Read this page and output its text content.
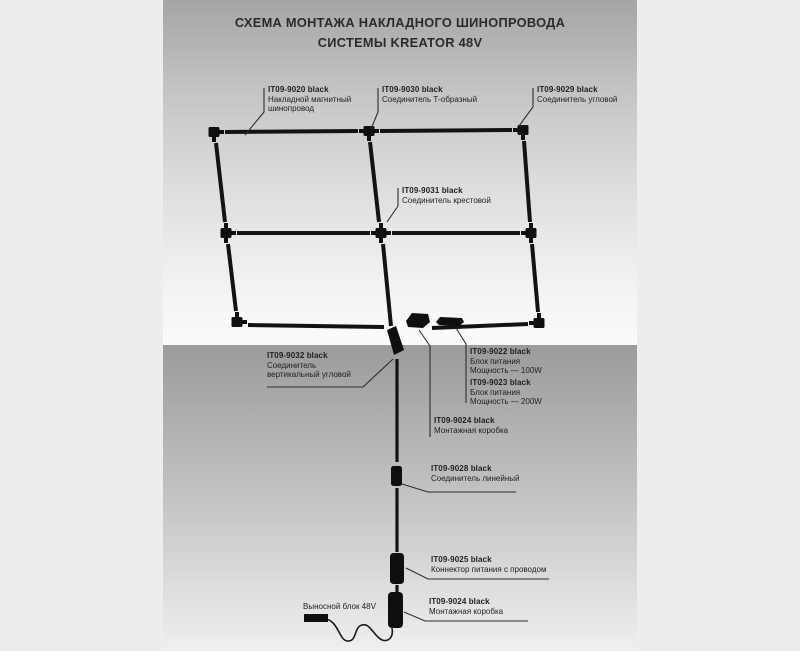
СХЕМА МОНТАЖА НАКЛАДНОГО ШИНОПРОВОДА
СИСТЕМЫ KREATOR 48V
IT09-9020 black
Накладной магнитный
шинопровод
IT09-9030 black
Соединитель Т-образный
IT09-9029 black
Соединитель угловой
IT09-9031 black
Соединитель крестовой
IT09-9032 black
Соединитель
вертикальный угловой
IT09-9022 black
Блок питания
Мощность — 100W
IT09-9023 black
Блок питания
Мощность — 200W
IT09-9024 black
Монтажная коробка
IT09-9028 black
Соединитель линейный
IT09-9025 black
Коннектор питания с проводом
IT09-9024 black
Монтажная коробка
Выносной блок 48V
